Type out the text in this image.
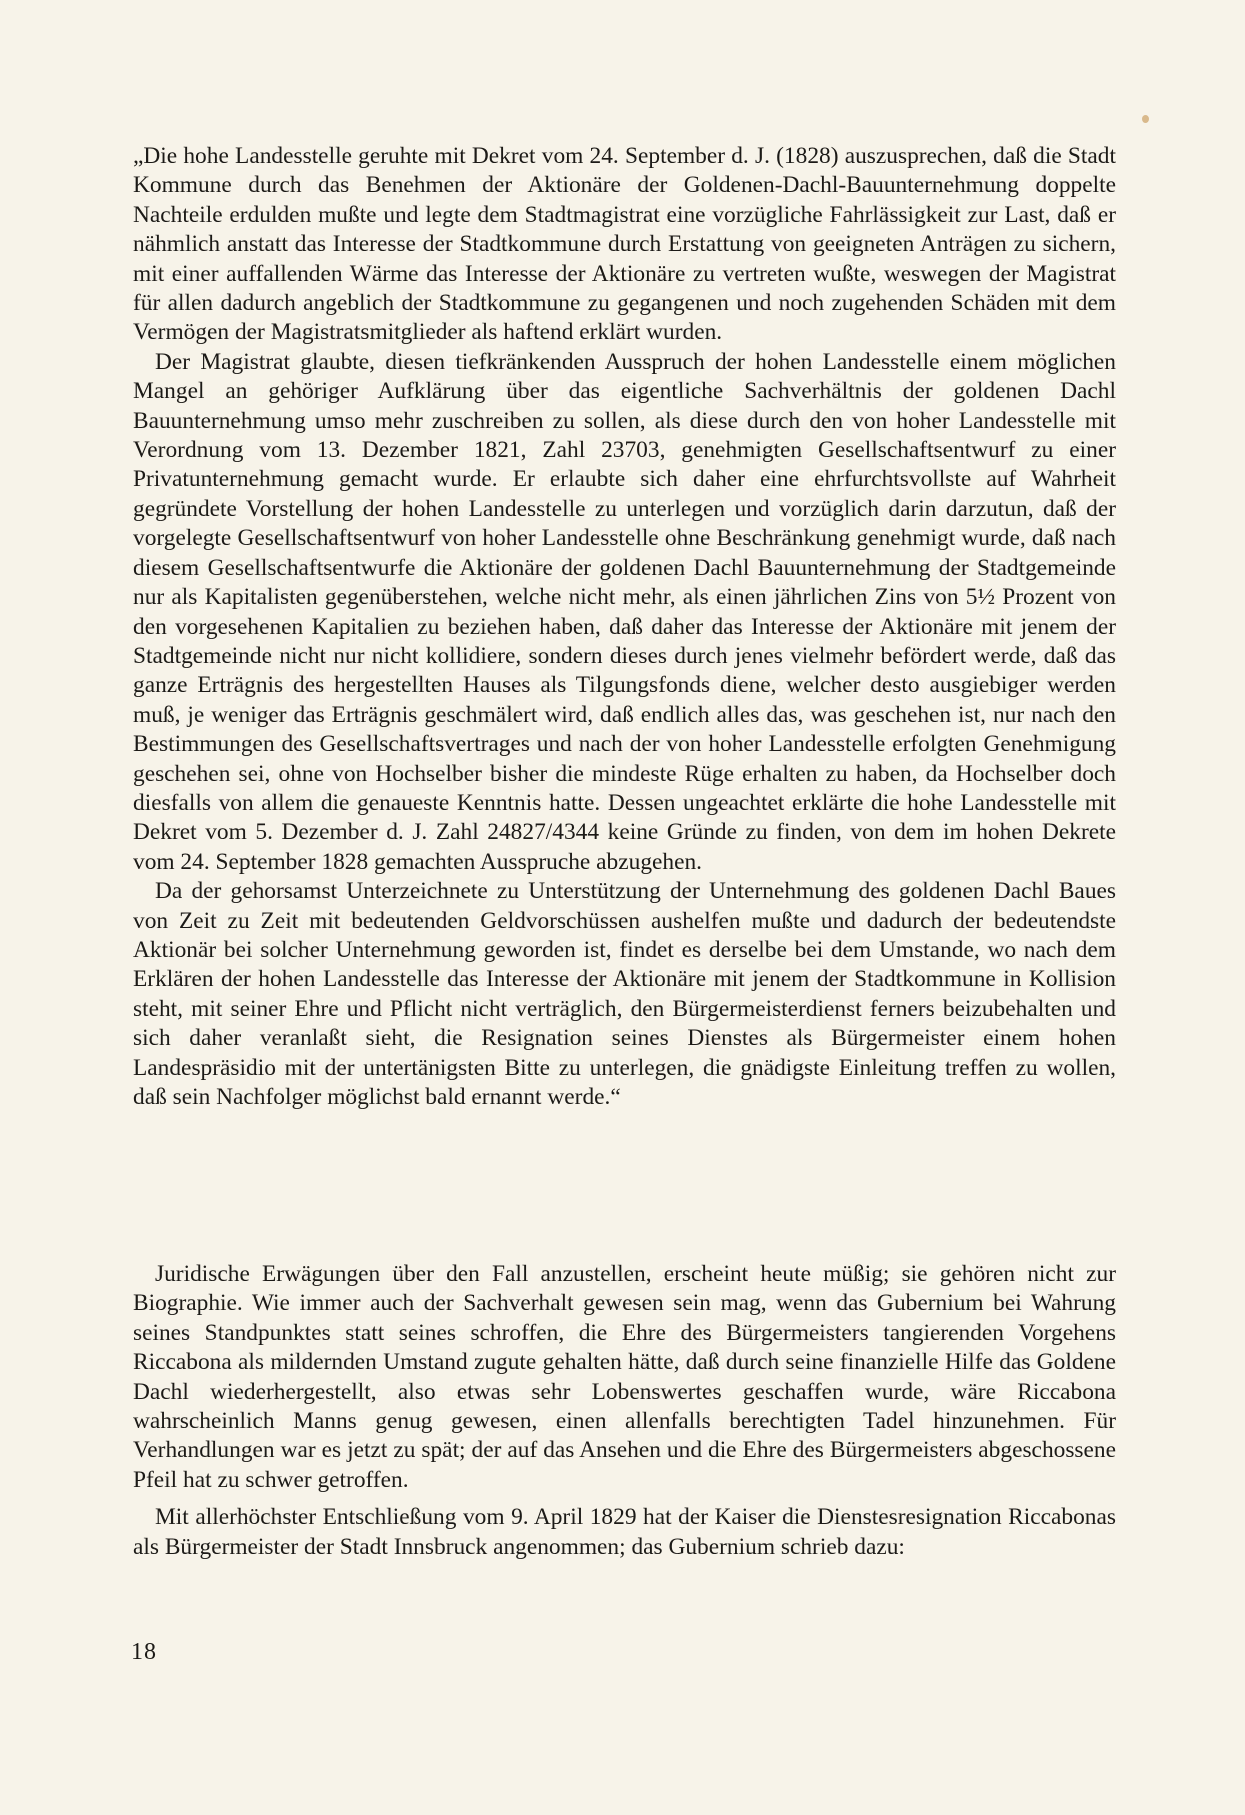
„Die hohe Landesstelle geruhte mit Dekret vom 24. September d. J. (1828) auszusprechen, daß die Stadt Kommune durch das Benehmen der Aktionäre der Goldenen-Dachl-Bauunternehmung doppelte Nachteile erdulden mußte und legte dem Stadtmagistrat eine vorzügliche Fahrlässigkeit zur Last, daß er nähmlich anstatt das Interesse der Stadtkommune durch Erstattung von geeigneten Anträgen zu sichern, mit einer auffallenden Wärme das Interesse der Aktionäre zu vertreten wußte, weswegen der Magistrat für allen dadurch angeblich der Stadtkommune zu gegangenen und noch zugehenden Schäden mit dem Vermögen der Magistratsmitglieder als haftend erklärt wurden.

Der Magistrat glaubte, diesen tiefkränkenden Ausspruch der hohen Landesstelle einem möglichen Mangel an gehöriger Aufklärung über das eigentliche Sachverhältnis der goldenen Dachl Bauunternehmung umso mehr zuschreiben zu sollen, als diese durch den von hoher Landesstelle mit Verordnung vom 13. Dezember 1821, Zahl 23703, genehmigten Gesellschaftsentwurf zu einer Privatunternehmung gemacht wurde. Er erlaubte sich daher eine ehrfurchtsvollste auf Wahrheit gegründete Vorstellung der hohen Landesstelle zu unterlegen und vorzüglich darin darzutun, daß der vorgelegte Gesellschaftsentwurf von hoher Landesstelle ohne Beschränkung genehmigt wurde, daß nach diesem Gesellschaftsentwurfe die Aktionäre der goldenen Dachl Bauunternehmung der Stadtgemeinde nur als Kapitalisten gegenüberstehen, welche nicht mehr, als einen jährlichen Zins von 5½ Prozent von den vorgesehenen Kapitalien zu beziehen haben, daß daher das Interesse der Aktionäre mit jenem der Stadtgemeinde nicht nur nicht kollidiere, sondern dieses durch jenes vielmehr befördert werde, daß das ganze Erträgnis des hergestellten Hauses als Tilgungsfonds diene, welcher desto ausgiebiger werden muß, je weniger das Erträgnis geschmälert wird, daß endlich alles das, was geschehen ist, nur nach den Bestimmungen des Gesellschaftsvertrages und nach der von hoher Landesstelle erfolgten Genehmigung geschehen sei, ohne von Hochselber bisher die mindeste Rüge erhalten zu haben, da Hochselber doch diesfalls von allem die genaueste Kenntnis hatte. Dessen ungeachtet erklärte die hohe Landesstelle mit Dekret vom 5. Dezember d. J. Zahl 24827/4344 keine Gründe zu finden, von dem im hohen Dekrete vom 24. September 1828 gemachten Ausspruche abzugehen.

Da der gehorsamst Unterzeichnete zu Unterstützung der Unternehmung des goldenen Dachl Baues von Zeit zu Zeit mit bedeutenden Geldvorschüssen aushelfen mußte und dadurch der bedeutendste Aktionär bei solcher Unternehmung geworden ist, findet es derselbe bei dem Umstande, wo nach dem Erklären der hohen Landesstelle das Interesse der Aktionäre mit jenem der Stadtkommune in Kollision steht, mit seiner Ehre und Pflicht nicht verträglich, den Bürgermeisterdienst ferners beizubehalten und sich daher veranlaßt sieht, die Resignation seines Dienstes als Bürgermeister einem hohen Landespräsidio mit der untertänigsten Bitte zu unterlegen, die gnädigste Einleitung treffen zu wollen, daß sein Nachfolger möglichst bald ernannt werde.“

Juridische Erwägungen über den Fall anzustellen, erscheint heute müßig; sie gehören nicht zur Biographie. Wie immer auch der Sachverhalt gewesen sein mag, wenn das Gubernium bei Wahrung seines Standpunktes statt seines schroffen, die Ehre des Bürgermeisters tangierenden Vorgehens Riccabona als mildernden Umstand zugute gehalten hätte, daß durch seine finanzielle Hilfe das Goldene Dachl wiederhergestellt, also etwas sehr Lobenswertes geschaffen wurde, wäre Riccabona wahrscheinlich Manns genug gewesen, einen allenfalls berechtigten Tadel hinzunehmen. Für Verhandlungen war es jetzt zu spät; der auf das Ansehen und die Ehre des Bürgermeisters abgeschossene Pfeil hat zu schwer getroffen.

Mit allerhöchster Entschließung vom 9. April 1829 hat der Kaiser die Dienstesresignation Riccabonas als Bürgermeister der Stadt Innsbruck angenommen; das Gubernium schrieb dazu:

18
